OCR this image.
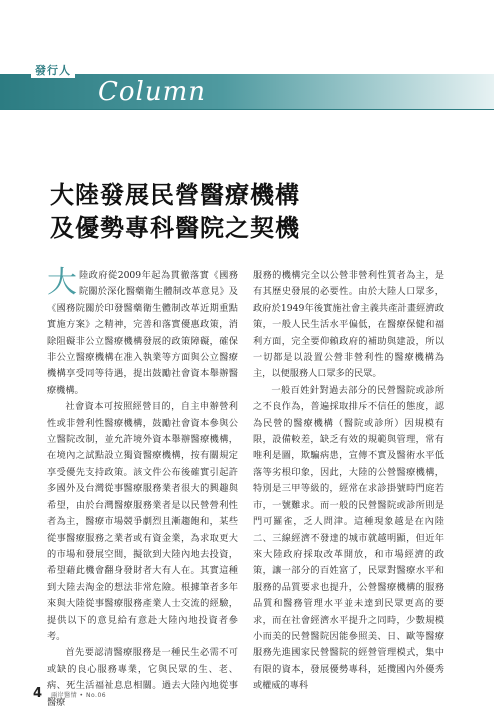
發行人
Column
大陸發展民營醫療機構
及優勢專科醫院之契機

大陸政府從2009年起為貫徹落實《國務院關於深化醫藥衛生體制改革意見》及《國務院關於印發醫藥衛生體制改革近期重點實施方案》之精神，完善和落實優惠政策，消除阻礙非公立醫療機構發展的政策障礙，確保非公立醫療機構在准入執業等方面與公立醫療機構享受同等待遇，提出鼓勵社會資本舉辦醫療機構。

社會資本可按照經營目的，自主申辦營利性或非營利性醫療機構，鼓勵社會資本參與公立醫院改制，並允許境外資本舉辦醫療機構，在境內之試點設立獨資醫療機構，按有關規定享受優先支持政策。該文件公布後確實引起許多國外及台灣從事醫療服務業者很大的興趣與希望，由於台灣醫療服務業者是以民營營利性者為主，醫療市場競爭劇烈且漸趨飽和，某些從事醫療服務之業者或有資金業，為求取更大的市場和發展空間，擬欲到大陸內地去投資，希望藉此機會翻身發財者大有人在。其實這種到大陸去淘金的想法非常危險。根據筆者多年來與大陸從事醫療服務產業人士交流的經驗，提供以下的意見給有意赴大陸內地投資者參考。

首先要認清醫療服務是一種民生必需不可或缺的良心服務專業，它與民眾的生、老、病、死生活福祉息息相關。過去大陸內地從事醫療

服務的機構完全以公營非營利性質者為主，是有其歷史發展的必要性。由於大陸人口眾多，政府於1949年後實施社會主義共產計畫經濟政策，一般人民生活水平偏低，在醫療保健和福利方面，完全要仰賴政府的補助與建設，所以一切都是以設置公營非營利性的醫療機構為主，以便服務人口眾多的民眾。

一般百姓針對過去部分的民營醫院或診所之不良作為，普遍採取排斥不信任的態度，認為民營的醫療機構（醫院或診所）因規模有限，設備較差，缺乏有效的規範與管理，常有唯利是圖，欺騙病患，宣傳不實及醫術水平低落等劣根印象，因此，大陸的公營醫療機構，特別是三甲等級的，經常在求診掛號時門庭若市，一號難求。而一般的民營醫院或診所則是門可羅雀，乏人問津。這種現象越是在內陸二、三線經濟不發達的城市就越明顯，但近年來大陸政府採取改革開放，和市場經濟的政策，讓一部分的百姓富了，民眾對醫療水平和服務的品質要求也提升，公營醫療機構的服務品質和醫務管理水平並未達到民眾更高的要求，而在社會經濟水平提升之同時，少數規模小而美的民營醫院因能參照美、日、歐等醫療服務先進國家民營醫院的經營管理模式，集中有限的資本，發展優勢專科，延攬國內外優秀或權威的專科

4 兩岸醫情 • No.06
